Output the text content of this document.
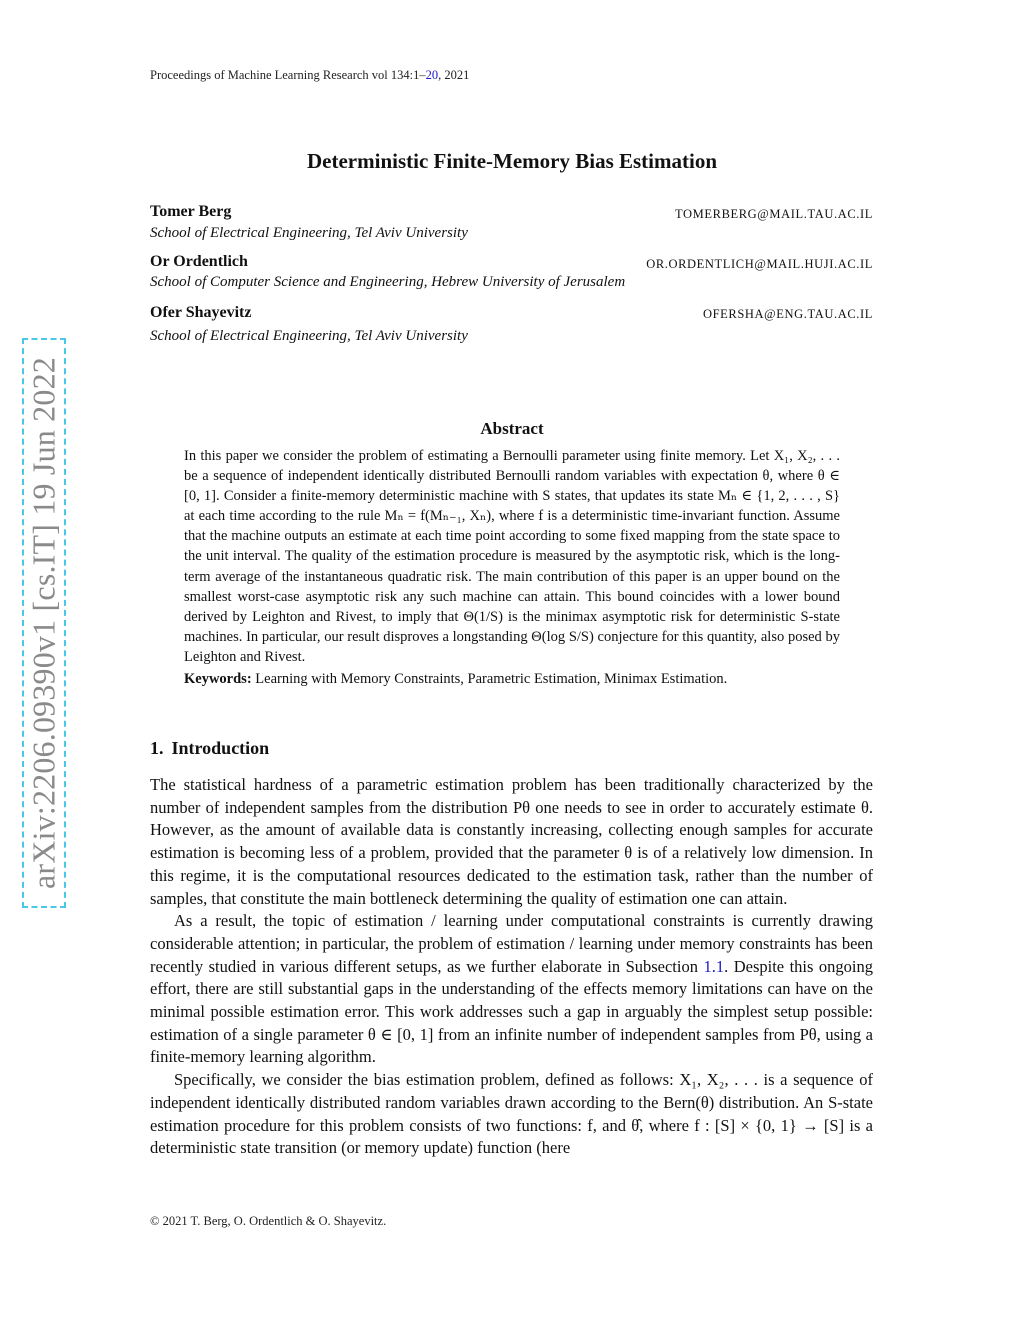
Proceedings of Machine Learning Research vol 134:1–20, 2021
arXiv:2206.09390v1 [cs.IT] 19 Jun 2022
Deterministic Finite-Memory Bias Estimation
Tomer Berg	TOMERBERG@MAIL.TAU.AC.IL
School of Electrical Engineering, Tel Aviv University
Or Ordentlich	OR.ORDENTLICH@MAIL.HUJI.AC.IL
School of Computer Science and Engineering, Hebrew University of Jerusalem
Ofer Shayevitz	OFERSHA@ENG.TAU.AC.IL
School of Electrical Engineering, Tel Aviv University
Abstract

In this paper we consider the problem of estimating a Bernoulli parameter using finite memory. Let X₁, X₂, . . . be a sequence of independent identically distributed Bernoulli random variables with expectation θ, where θ ∈ [0, 1]. Consider a finite-memory deterministic machine with S states, that updates its state Mₙ ∈ {1, 2, . . . , S} at each time according to the rule Mₙ = f(Mₙ₋₁, Xₙ), where f is a deterministic time-invariant function. Assume that the machine outputs an estimate at each time point according to some fixed mapping from the state space to the unit interval. The quality of the estimation procedure is measured by the asymptotic risk, which is the long-term average of the instantaneous quadratic risk. The main contribution of this paper is an upper bound on the smallest worst-case asymptotic risk any such machine can attain. This bound coincides with a lower bound derived by Leighton and Rivest, to imply that Θ(1/S) is the minimax asymptotic risk for deterministic S-state machines. In particular, our result disproves a longstanding Θ(log S/S) conjecture for this quantity, also posed by Leighton and Rivest.

Keywords: Learning with Memory Constraints, Parametric Estimation, Minimax Estimation.

1. Introduction

The statistical hardness of a parametric estimation problem has been traditionally characterized by the number of independent samples from the distribution Pθ one needs to see in order to accurately estimate θ. However, as the amount of available data is constantly increasing, collecting enough samples for accurate estimation is becoming less of a problem, provided that the parameter θ is of a relatively low dimension. In this regime, it is the computational resources dedicated to the estimation task, rather than the number of samples, that constitute the main bottleneck determining the quality of estimation one can attain.

As a result, the topic of estimation / learning under computational constraints is currently drawing considerable attention; in particular, the problem of estimation / learning under memory constraints has been recently studied in various different setups, as we further elaborate in Subsection 1.1. Despite this ongoing effort, there are still substantial gaps in the understanding of the effects memory limitations can have on the minimal possible estimation error. This work addresses such a gap in arguably the simplest setup possible: estimation of a single parameter θ ∈ [0, 1] from an infinite number of independent samples from Pθ, using a finite-memory learning algorithm.

Specifically, we consider the bias estimation problem, defined as follows: X₁, X₂, . . . is a sequence of independent identically distributed random variables drawn according to the Bern(θ) distribution. An S-state estimation procedure for this problem consists of two functions: f, and θ̂, where f : [S] × {0, 1} → [S] is a deterministic state transition (or memory update) function (here

© 2021 T. Berg, O. Ordentlich & O. Shayevitz.
